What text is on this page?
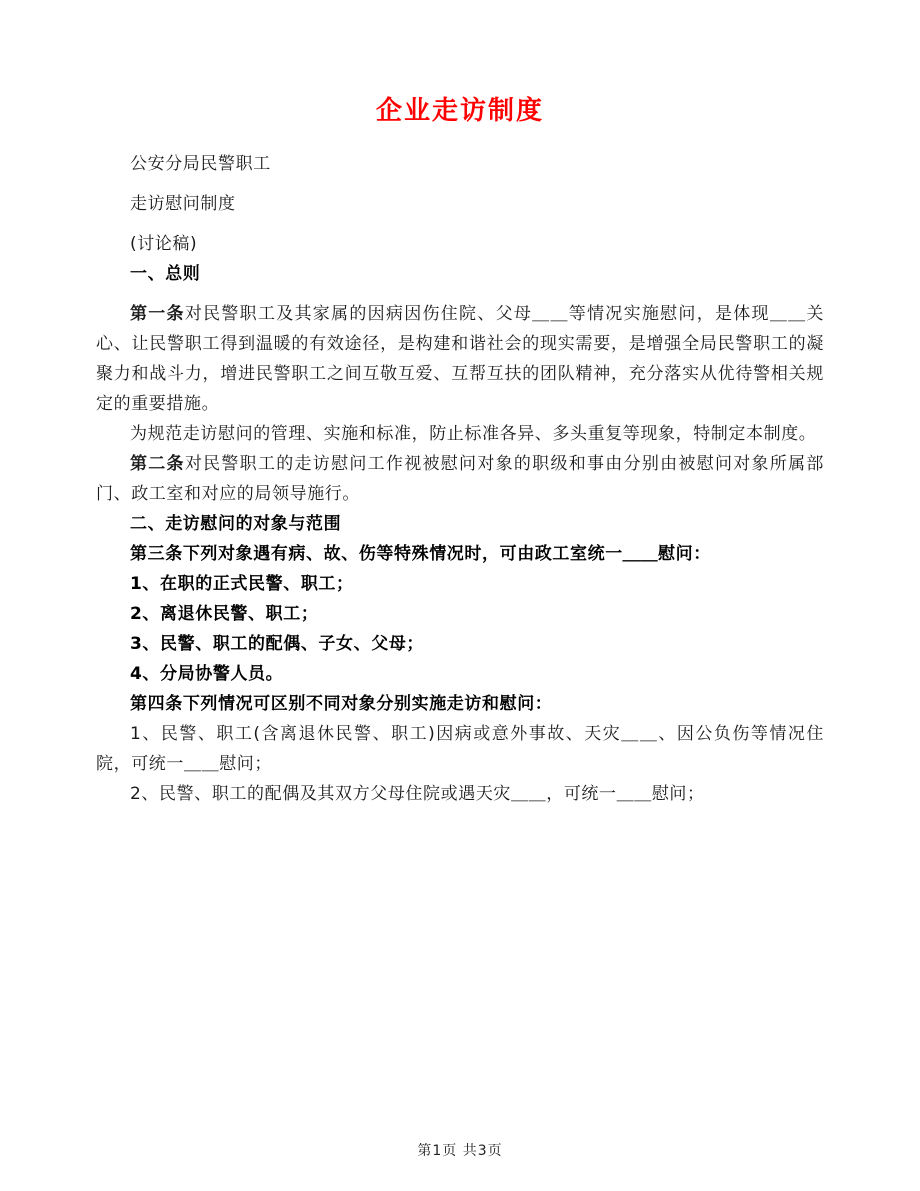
企业走访制度

公安分局民警职工

走访慰问制度

(讨论稿)

一、总则

第一条对民警职工及其家属的因病因伤住院、父母＿＿等情况实施慰问，是体现＿＿关心、让民警职工得到温暖的有效途径，是构建和谐社会的现实需要，是增强全局民警职工的凝聚力和战斗力，增进民警职工之间互敬互爱、互帮互扶的团队精神，充分落实从优待警相关规定的重要措施。

为规范走访慰问的管理、实施和标准，防止标准各异、多头重复等现象，特制定本制度。

第二条对民警职工的走访慰问工作视被慰问对象的职级和事由分别由被慰问对象所属部门、政工室和对应的局领导施行。

二、走访慰问的对象与范围

第三条下列对象遇有病、故、伤等特殊情况时，可由政工室统一＿＿慰问：

1、在职的正式民警、职工；

2、离退休民警、职工；

3、民警、职工的配偶、子女、父母；

4、分局协警人员。

第四条下列情况可区别不同对象分别实施走访和慰问：

1、民警、职工(含离退休民警、职工)因病或意外事故、天灾＿＿、因公负伤等情况住院，可统一＿＿慰问；

2、民警、职工的配偶及其双方父母住院或遇天灾＿＿，可统一＿＿慰问；

第1页 共3页
